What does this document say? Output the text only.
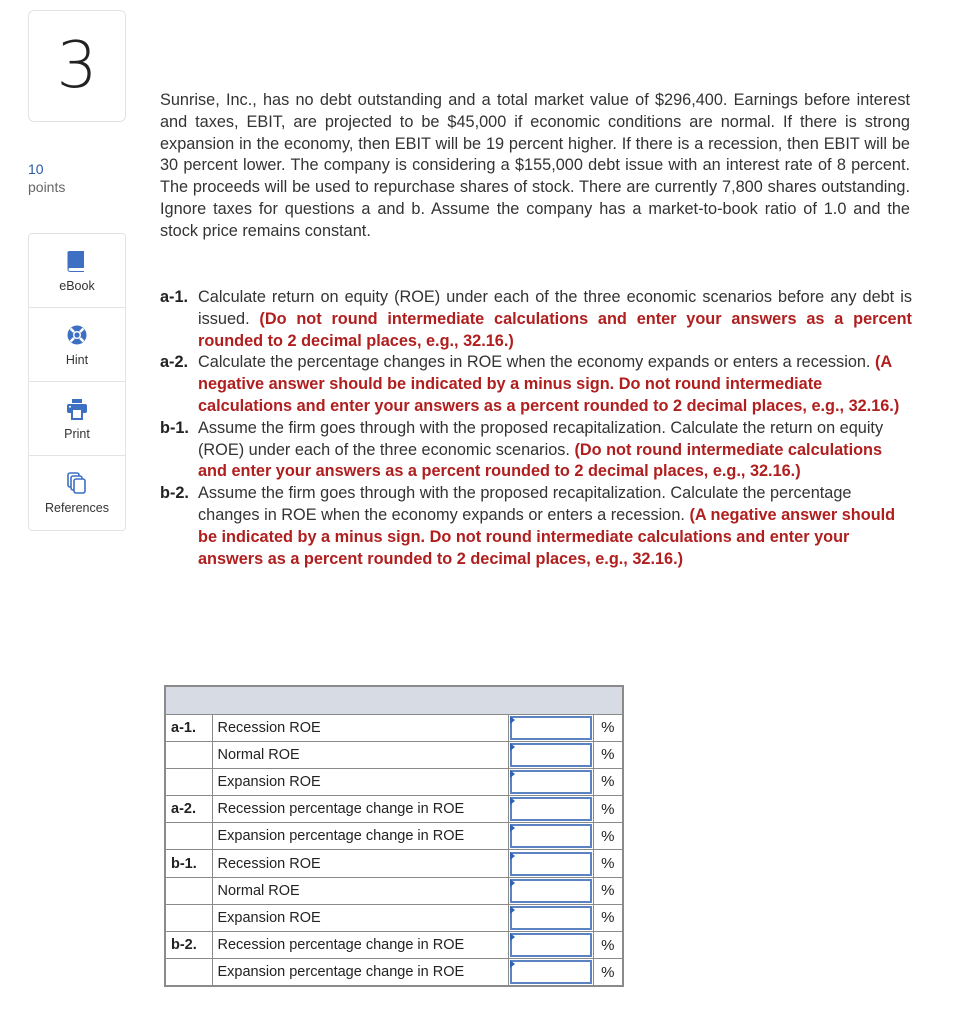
3
10
points
eBook
Hint
Print
References
Sunrise, Inc., has no debt outstanding and a total market value of $296,400. Earnings before interest and taxes, EBIT, are projected to be $45,000 if economic conditions are normal. If there is strong expansion in the economy, then EBIT will be 19 percent higher. If there is a recession, then EBIT will be 30 percent lower. The company is considering a $155,000 debt issue with an interest rate of 8 percent. The proceeds will be used to repurchase shares of stock. There are currently 7,800 shares outstanding. Ignore taxes for questions a and b. Assume the company has a market-to-book ratio of 1.0 and the stock price remains constant.
a-1. Calculate return on equity (ROE) under each of the three economic scenarios before any debt is issued. (Do not round intermediate calculations and enter your answers as a percent rounded to 2 decimal places, e.g., 32.16.)
a-2. Calculate the percentage changes in ROE when the economy expands or enters a recession. (A negative answer should be indicated by a minus sign. Do not round intermediate calculations and enter your answers as a percent rounded to 2 decimal places, e.g., 32.16.)
b-1. Assume the firm goes through with the proposed recapitalization. Calculate the return on equity (ROE) under each of the three economic scenarios. (Do not round intermediate calculations and enter your answers as a percent rounded to 2 decimal places, e.g., 32.16.)
b-2. Assume the firm goes through with the proposed recapitalization. Calculate the percentage changes in ROE when the economy expands or enters a recession. (A negative answer should be indicated by a minus sign. Do not round intermediate calculations and enter your answers as a percent rounded to 2 decimal places, e.g., 32.16.)

a-1.	Recession ROE		%
	Normal ROE		%
	Expansion ROE		%
a-2.	Recession percentage change in ROE		%
	Expansion percentage change in ROE		%
b-1.	Recession ROE		%
	Normal ROE		%
	Expansion ROE		%
b-2.	Recession percentage change in ROE		%
	Expansion percentage change in ROE		%
